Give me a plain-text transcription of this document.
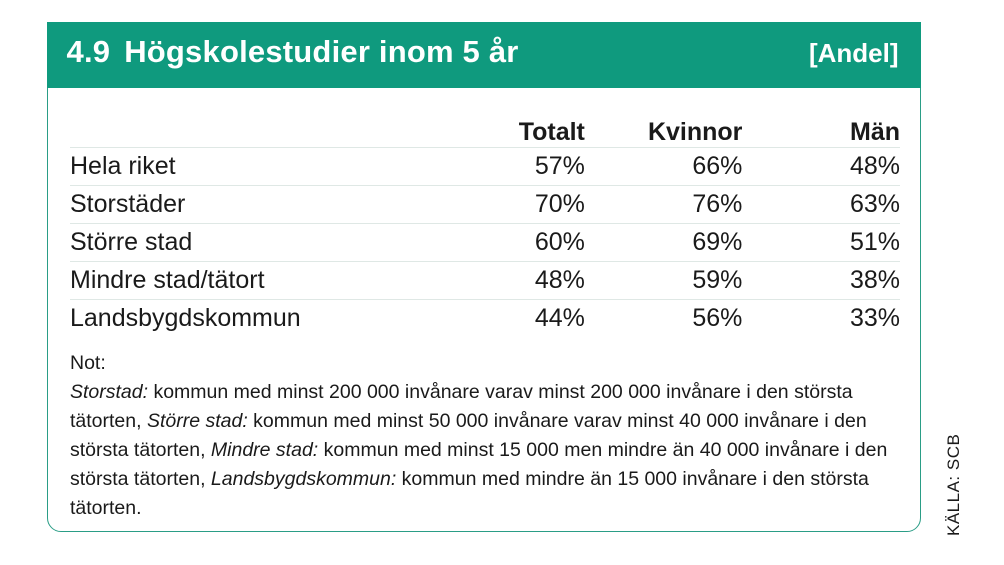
4.9 Högskolestudier inom 5 år	[Andel]
	Totalt	Kvinnor	Män
Hela riket	57%	66%	48%
Storstäder	70%	76%	63%
Större stad	60%	69%	51%
Mindre stad/tätort	48%	59%	38%
Landsbygdskommun	44%	56%	33%
Not:
Storstad: kommun med minst 200 000 invånare varav minst 200 000 invånare i den största tätorten, Större stad: kommun med minst 50 000 invånare varav minst 40 000 invånare i den största tätorten, Mindre stad: kommun med minst 15 000 men mindre än 40 000 invånare i den största tätorten, Landsbygdskommun: kommun med mindre än 15 000 invånare i den största tätorten.	KÄLLA: SCB
